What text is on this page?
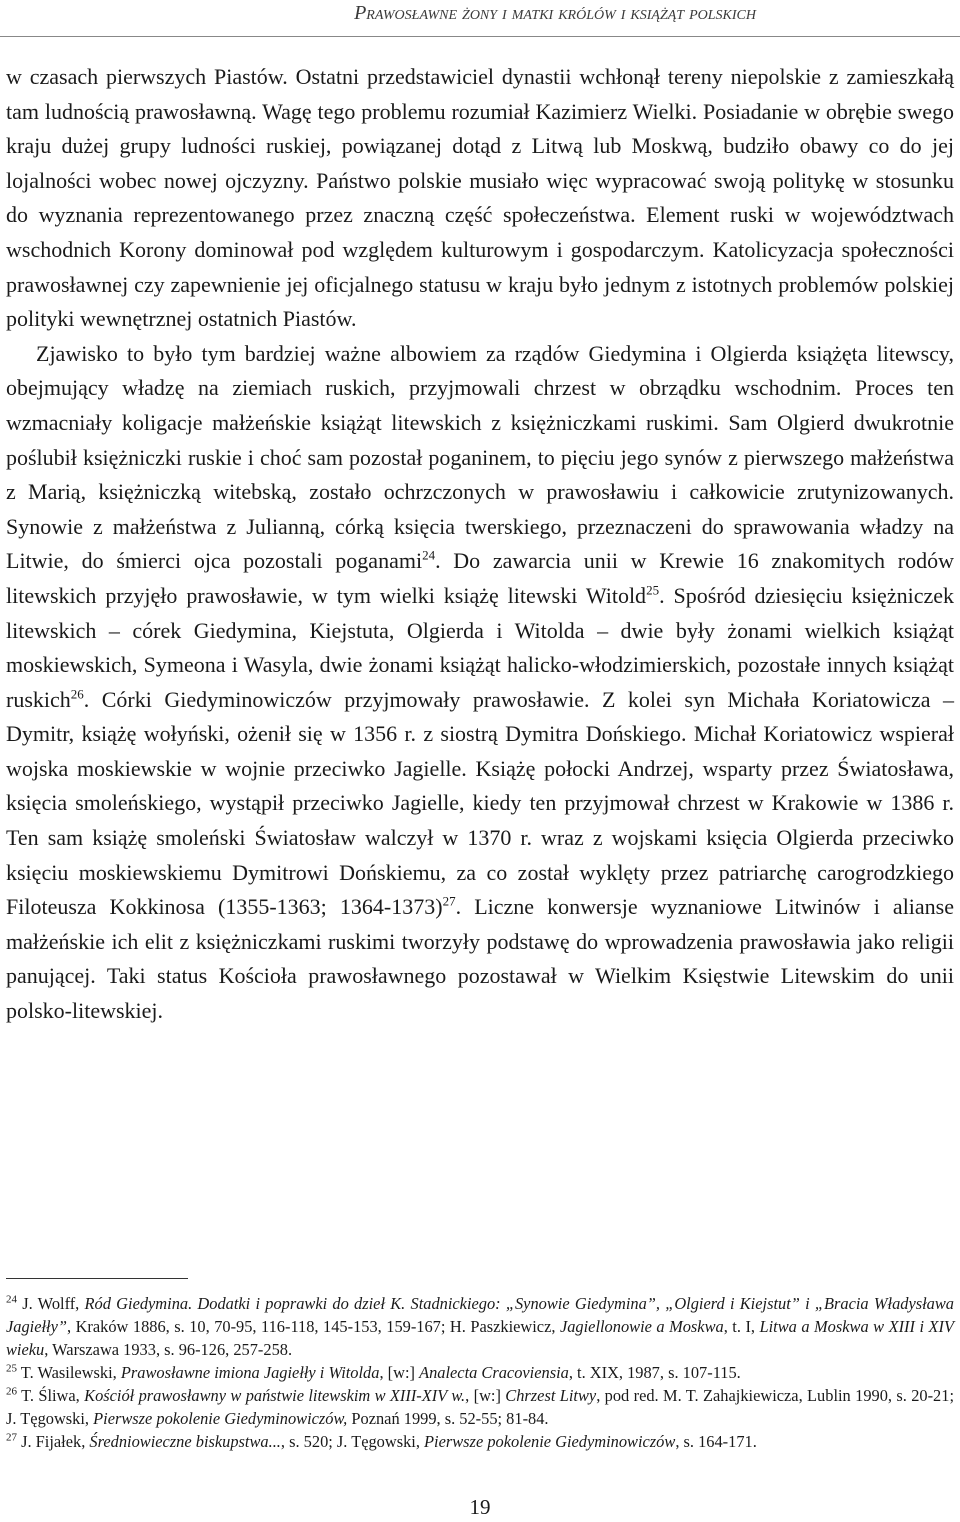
Prawosławne żony i matki królów i książąt polskich

w czasach pierwszych Piastów. Ostatni przedstawiciel dynastii wchłonął tereny niepolskie z zamieszkałą tam ludnością prawosławną. Wagę tego problemu rozumiał Kazimierz Wielki. Posiadanie w obrębie swego kraju dużej grupy ludności ruskiej, powiązanej dotąd z Litwą lub Moskwą, budziło obawy co do jej lojalności wobec nowej ojczyzny. Państwo polskie musiało więc wypracować swoją politykę w stosunku do wyznania reprezentowanego przez znaczną część społeczeństwa. Element ruski w województwach wschodnich Korony dominował pod względem kulturowym i gospodarczym. Katolicyzacja społeczności prawosławnej czy zapewnienie jej oficjalnego statusu w kraju było jednym z istotnych problemów polskiej polityki wewnętrznej ostatnich Piastów.

Zjawisko to było tym bardziej ważne albowiem za rządów Giedymina i Olgierda książęta litewscy, obejmujący władzę na ziemiach ruskich, przyjmowali chrzest w obrządku wschodnim. Proces ten wzmacniały koligacje małżeńskie książąt litewskich z księżniczkami ruskimi. Sam Olgierd dwukrotnie poślubił księżniczki ruskie i choć sam pozostał poganinem, to pięciu jego synów z pierwszego małżeństwa z Marią, księżniczką witebską, zostało ochrzczonych w prawosławiu i całkowicie zrutynizowanych. Synowie z małżeństwa z Julianną, córką księcia twerskiego, przeznaczeni do sprawowania władzy na Litwie, do śmierci ojca pozostali poganami$^{24}$. Do zawarcia unii w Krewie 16 znakomitych rodów litewskich przyjęło prawosławie, w tym wielki książę litewski Witold$^{25}$. Spośród dziesięciu księżniczek litewskich – córek Giedymina, Kiejstuta, Olgierda i Witolda – dwie były żonami wielkich książąt moskiewskich, Symeona i Wasyla, dwie żonami książąt halicko-włodzimierskich, pozostałe innych książąt ruskich$^{26}$. Córki Giedyminowiczów przyjmowały prawosławie. Z kolei syn Michała Koriatowicza – Dymitr, książę wołyński, ożenił się w 1356 r. z siostrą Dymitra Dońskiego. Michał Koriatowicz wspierał wojska moskiewskie w wojnie przeciwko Jagielle. Książę połocki Andrzej, wsparty przez Światosława, księcia smoleńskiego, wystąpił przeciwko Jagielle, kiedy ten przyjmował chrzest w Krakowie w 1386 r. Ten sam książę smoleński Światosław walczył w 1370 r. wraz z wojskami księcia Olgierda przeciwko księciu moskiewskiemu Dymitrowi Dońskiemu, za co został wyklęty przez patriarchę carogrodzkiego Filoteusza Kokkinosa (1355-1363; 1364-1373)$^{27}$. Liczne konwersje wyznaniowe Litwinów i alianse małżeńskie ich elit z księżniczkami ruskimi tworzyły podstawę do wprowadzenia prawosławia jako religii panującej. Taki status Kościoła prawosławnego pozostawał w Wielkim Księstwie Litewskim do unii polsko-litewskiej.

$^{24}$ J. Wolff, Ród Giedymina. Dodatki i poprawki do dzieł K. Stadnickiego: „Synowie Giedymina”, „Olgierd i Kiejstut” i „Bracia Władysława Jagiełły”, Kraków 1886, s. 10, 70-95, 116-118, 145-153, 159-167; H. Paszkiewicz, Jagiellonowie a Moskwa, t. I, Litwa a Moskwa w XIII i XIV wieku, Warszawa 1933, s. 96-126, 257-258.

$^{25}$ T. Wasilewski, Prawosławne imiona Jagiełły i Witolda, [w:] Analecta Cracoviensia, t. XIX, 1987, s. 107-115.

$^{26}$ T. Śliwa, Kościół prawosławny w państwie litewskim w XIII-XIV w., [w:] Chrzest Litwy, pod red. M. T. Zahajkiewicza, Lublin 1990, s. 20-21; J. Tęgowski, Pierwsze pokolenie Giedyminowiczów, Poznań 1999, s. 52-55; 81-84.

$^{27}$ J. Fijałek, Średniowieczne biskupstwa..., s. 520; J. Tęgowski, Pierwsze pokolenie Giedyminowiczów, s. 164-171.

19
